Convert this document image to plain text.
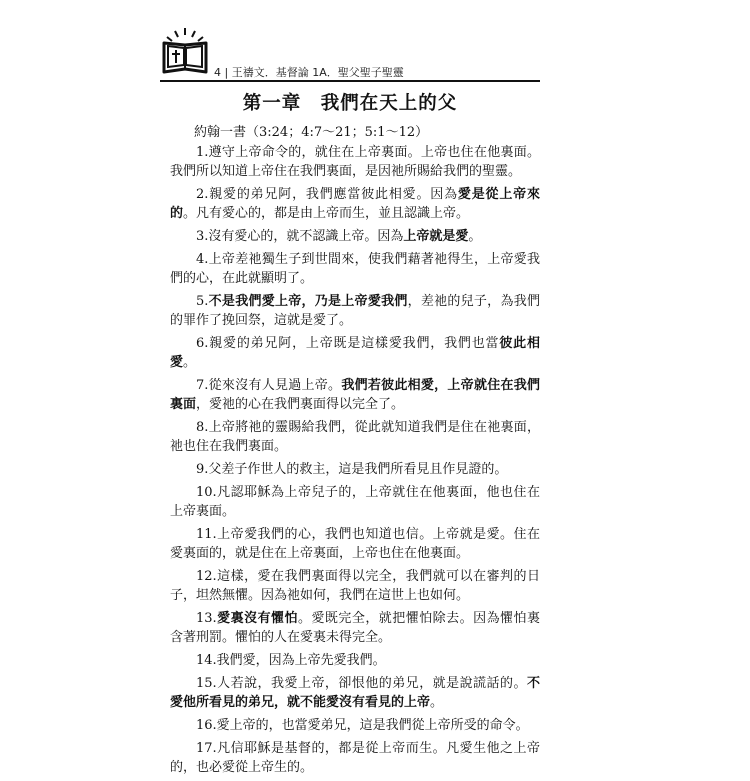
4 | 王禱文．基督論 1A．聖父聖子聖靈
第一章　我們在天上的父
約翰一書（3:24；4:7～21；5:1～12）

1.遵守上帝命令的，就住在上帝裏面。上帝也住在他裏面。我們所以知道上帝住在我們裏面，是因祂所賜給我們的聖靈。

2.親愛的弟兄阿，我們應當彼此相愛。因為愛是從上帝來的。凡有愛心的，都是由上帝而生，並且認識上帝。

3.沒有愛心的，就不認識上帝。因為上帝就是愛。

4.上帝差祂獨生子到世間來，使我們藉著祂得生，上帝愛我們的心，在此就顯明了。

5.不是我們愛上帝，乃是上帝愛我們，差祂的兒子，為我們的罪作了挽回祭，這就是愛了。

6.親愛的弟兄阿，上帝既是這樣愛我們，我們也當彼此相愛。

7.從來沒有人見過上帝。我們若彼此相愛，上帝就住在我們裏面，愛祂的心在我們裏面得以完全了。

8.上帝將祂的靈賜給我們，從此就知道我們是住在祂裏面，祂也住在我們裏面。

9.父差子作世人的救主，這是我們所看見且作見證的。

10.凡認耶穌為上帝兒子的，上帝就住在他裏面，他也住在上帝裏面。

11.上帝愛我們的心，我們也知道也信。上帝就是愛。住在愛裏面的，就是住在上帝裏面，上帝也住在他裏面。

12.這樣，愛在我們裏面得以完全，我們就可以在審判的日子，坦然無懼。因為祂如何，我們在這世上也如何。

13.愛裏沒有懼怕。愛既完全，就把懼怕除去。因為懼怕裏含著刑罰。懼怕的人在愛裏未得完全。

14.我們愛，因為上帝先愛我們。

15.人若說，我愛上帝，卻恨他的弟兄，就是說謊話的。不愛他所看見的弟兄，就不能愛沒有看見的上帝。

16.愛上帝的，也當愛弟兄，這是我們從上帝所受的命令。

17.凡信耶穌是基督的，都是從上帝而生。凡愛生他之上帝的，也必愛從上帝生的。
